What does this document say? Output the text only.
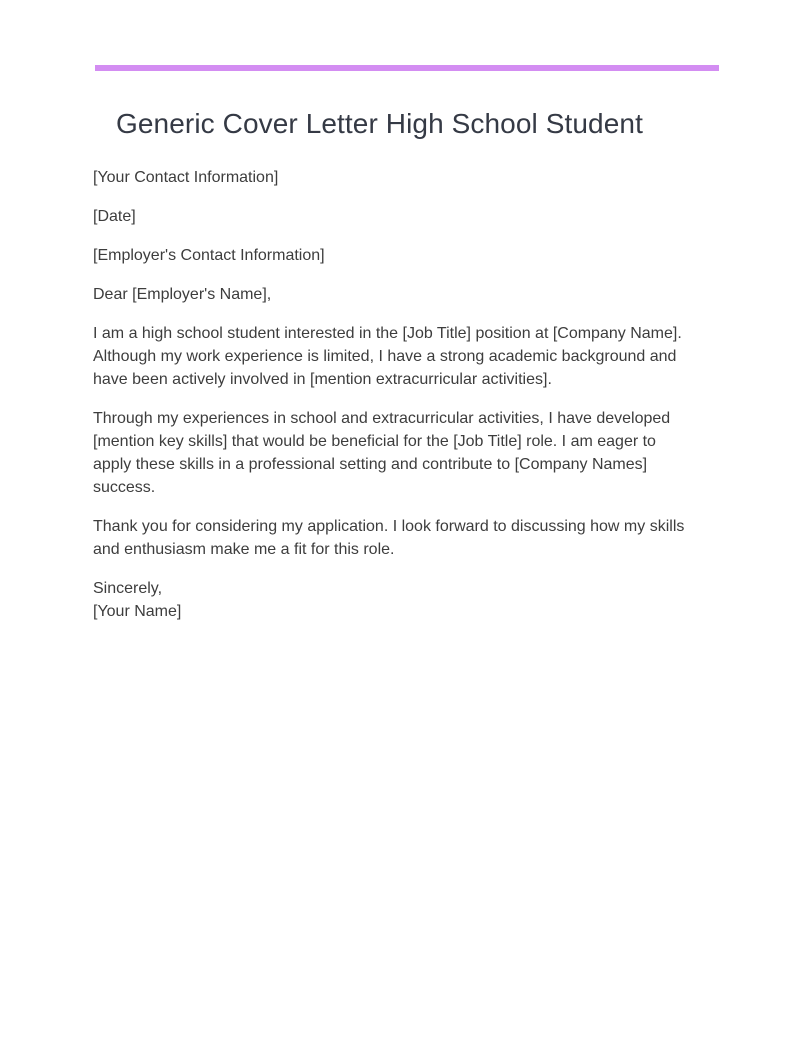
Generic Cover Letter High School Student

[Your Contact Information]

[Date]

[Employer's Contact Information]

Dear [Employer's Name],

I am a high school student interested in the [Job Title] position at [Company Name]. Although my work experience is limited, I have a strong academic background and have been actively involved in [mention extracurricular activities].

Through my experiences in school and extracurricular activities, I have developed [mention key skills] that would be beneficial for the [Job Title] role. I am eager to apply these skills in a professional setting and contribute to [Company Names] success.

Thank you for considering my application. I look forward to discussing how my skills and enthusiasm make me a fit for this role.

Sincerely,
[Your Name]
